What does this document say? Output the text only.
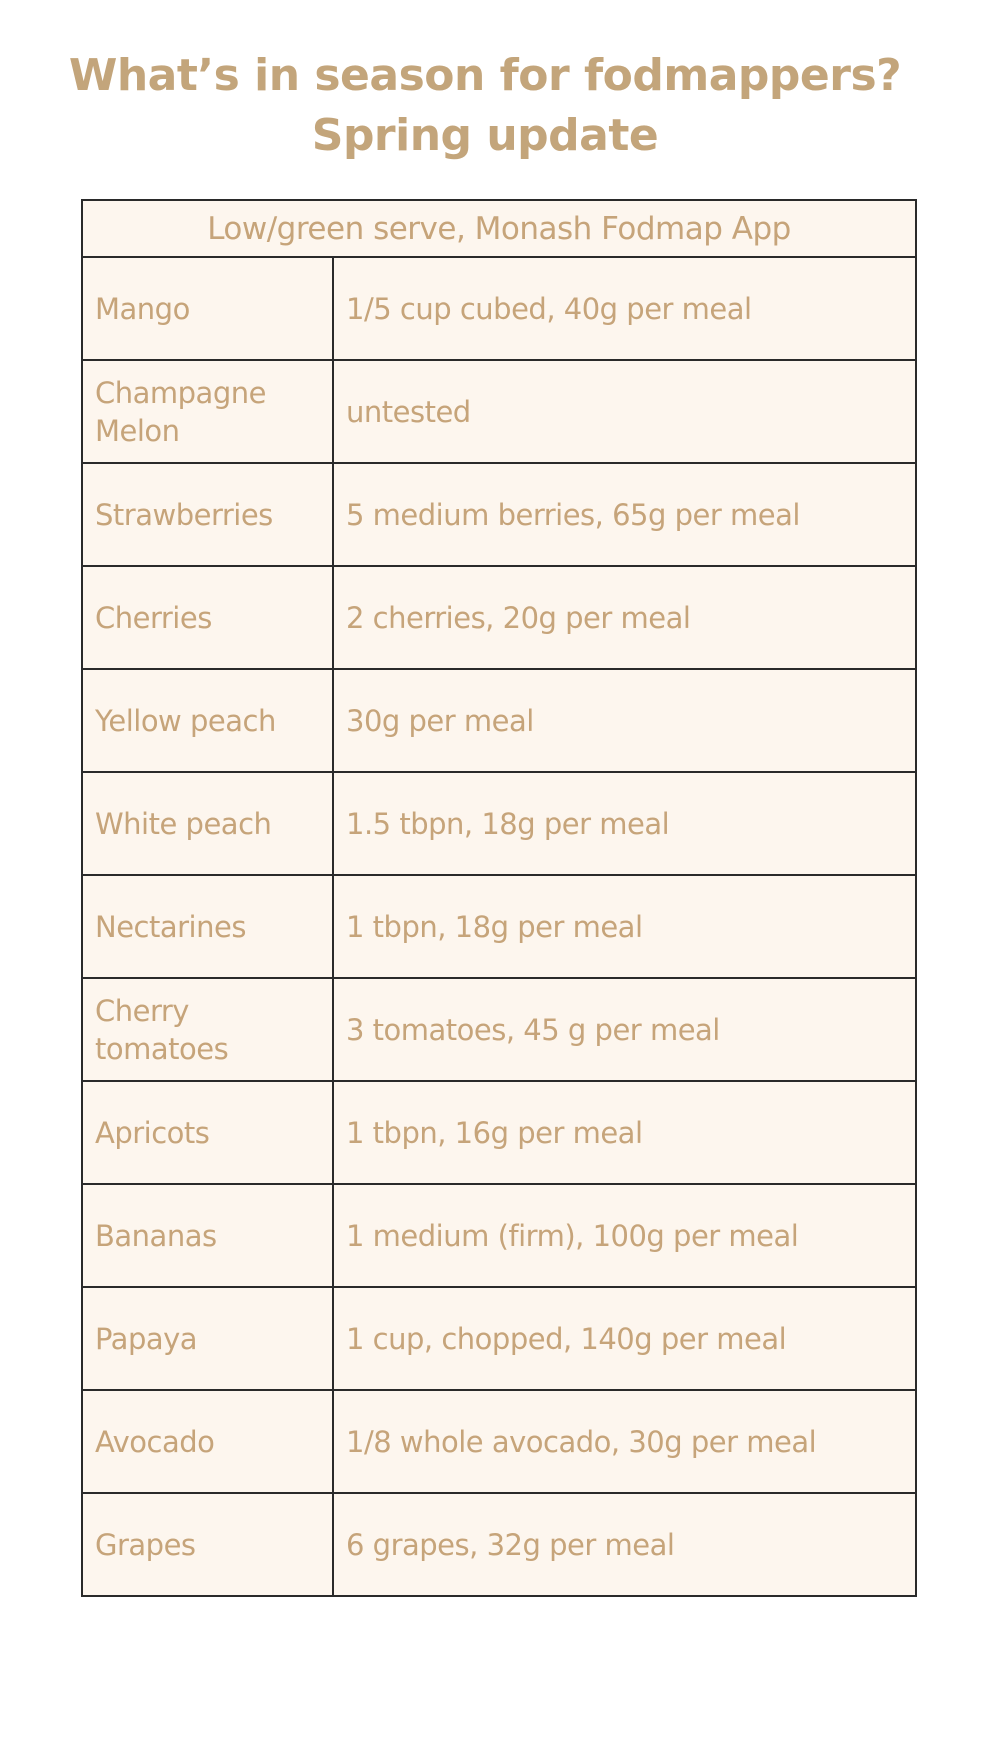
What’s in season for fodmappers?
Spring update
Low/green serve, Monash Fodmap App	
Mango	1/5 cup cubed, 40g per meal
Champagne Melon	untested
Strawberries	5 medium berries, 65g per meal
Cherries	2 cherries, 20g per meal
Yellow peach	30g per meal
White peach	1.5 tbpn, 18g per meal
Nectarines	1 tbpn, 18g per meal
Cherry tomatoes	3 tomatoes, 45 g per meal
Apricots	1 tbpn, 16g per meal
Bananas	1 medium (firm), 100g per meal
Papaya	1 cup, chopped, 140g per meal
Avocado	1/8 whole avocado, 30g per meal
Grapes	6 grapes, 32g per meal
